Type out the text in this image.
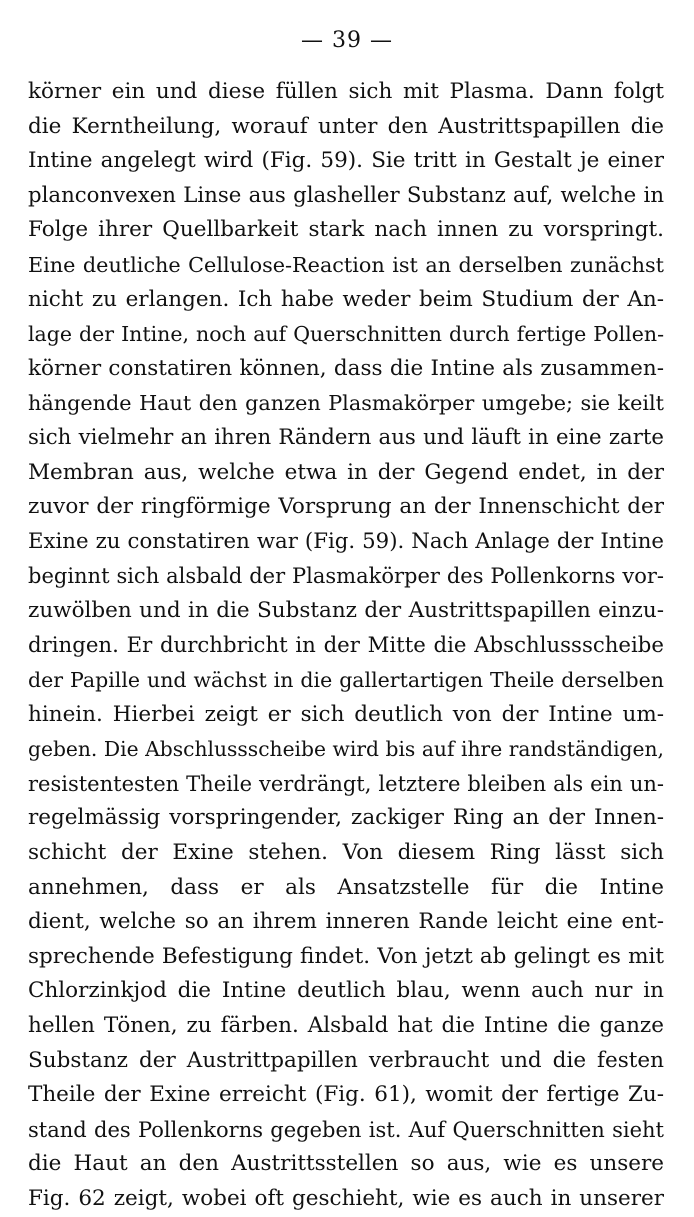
— 39 —
körner ein und diese füllen sich mit Plasma. Dann folgt
die Kerntheilung, worauf unter den Austrittspapillen die
Intine angelegt wird (Fig. 59). Sie tritt in Gestalt je einer
planconvexen Linse aus glasheller Substanz auf, welche in
Folge ihrer Quellbarkeit stark nach innen zu vorspringt.
Eine deutliche Cellulose-Reaction ist an derselben zunächst
nicht zu erlangen. Ich habe weder beim Studium der An-
lage der Intine, noch auf Querschnitten durch fertige Pollen-
körner constatiren können, dass die Intine als zusammen-
hängende Haut den ganzen Plasmakörper umgebe; sie keilt
sich vielmehr an ihren Rändern aus und läuft in eine zarte
Membran aus, welche etwa in der Gegend endet, in der
zuvor der ringförmige Vorsprung an der Innenschicht der
Exine zu constatiren war (Fig. 59). Nach Anlage der Intine
beginnt sich alsbald der Plasmakörper des Pollenkorns vor-
zuwölben und in die Substanz der Austrittspapillen einzu-
dringen. Er durchbricht in der Mitte die Abschlussscheibe
der Papille und wächst in die gallertartigen Theile derselben
hinein. Hierbei zeigt er sich deutlich von der Intine um-
geben. Die Abschlussscheibe wird bis auf ihre randständigen,
resistentesten Theile verdrängt, letztere bleiben als ein un-
regelmässig vorspringender, zackiger Ring an der Innen-
schicht der Exine stehen. Von diesem Ring lässt sich
annehmen, dass er als Ansatzstelle für die Intine
dient, welche so an ihrem inneren Rande leicht eine ent-
sprechende Befestigung findet. Von jetzt ab gelingt es mit
Chlorzinkjod die Intine deutlich blau, wenn auch nur in
hellen Tönen, zu färben. Alsbald hat die Intine die ganze
Substanz der Austrittpapillen verbraucht und die festen
Theile der Exine erreicht (Fig. 61), womit der fertige Zu-
stand des Pollenkorns gegeben ist. Auf Querschnitten sieht
die Haut an den Austrittsstellen so aus, wie es unsere
Fig. 62 zeigt, wobei oft geschieht, wie es auch in unserer
